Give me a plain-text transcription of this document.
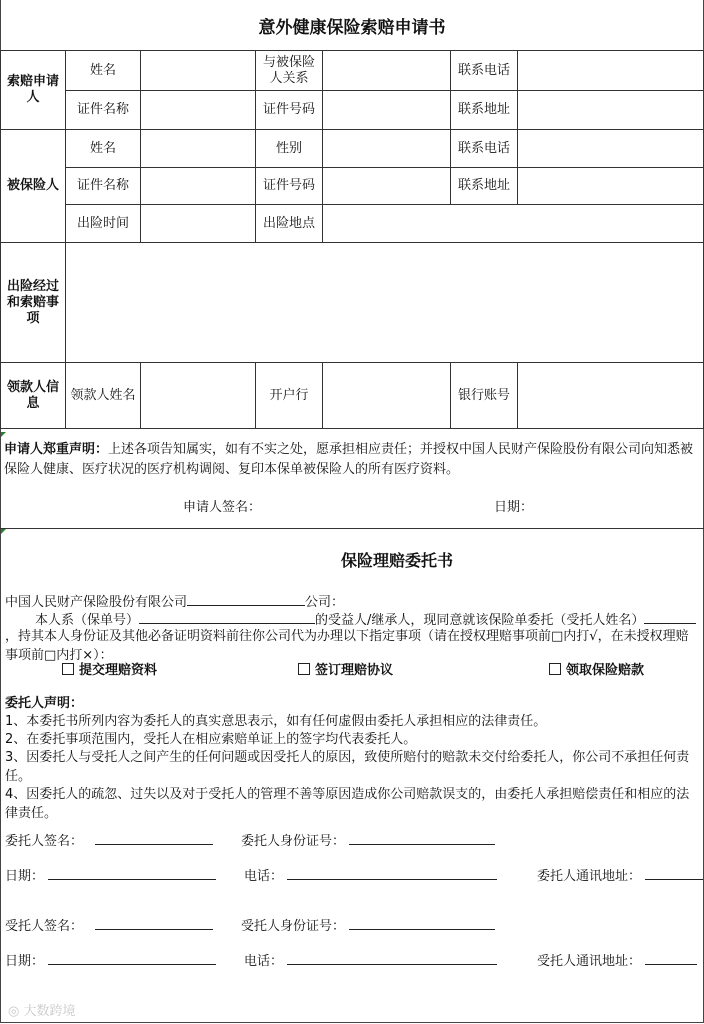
意外健康保险索赔申请书
索赔申请人	姓名		与被保险人关系		联系电话	
	证件名称		证件号码		联系地址	
被保险人	姓名		性别		联系电话	
	证件名称		证件号码		联系地址	
	出险时间		出险地点			
出险经过和索赔事项						
领款人信息	领款人姓名		开户行		银行账号	
申请人郑重声明：上述各项告知属实，如有不实之处，愿承担相应责任；并授权中国人民财产保险股份有限公司向知悉被保险人健康、医疗状况的医疗机构调阅、复印本保单被保险人的所有医疗资料。
申请人签名：	日期：
保险理赔委托书
中国人民财产保险股份有限公司	公司：
本人系（保单号）	的受益人/继承人，现同意就该保险单委托（受托人姓名）
，持其本人身份证及其他必备证明资料前往你公司代为办理以下指定事项（请在授权理赔事项前□内打√，在未授权理赔事项前□内打×）：
提交理赔资料	签订理赔协议	领取保险赔款
委托人声明：
1、本委托书所列内容为委托人的真实意思表示，如有任何虚假由委托人承担相应的法律责任。
2、在委托事项范围内，受托人在相应索赔单证上的签字均代表委托人。
3、因委托人与受托人之间产生的任何问题或因受托人的原因，致使所赔付的赔款未交付给委托人，你公司不承担任何责任。
4、因委托人的疏忽、过失以及对于受托人的管理不善等原因造成你公司赔款误支的，由委托人承担赔偿责任和相应的法律责任。
委托人签名：	委托人身份证号：
日期：	电话：	委托人通讯地址：
受托人签名：	受托人身份证号：
日期：	电话：	受托人通讯地址：
◎ 大数跨境
